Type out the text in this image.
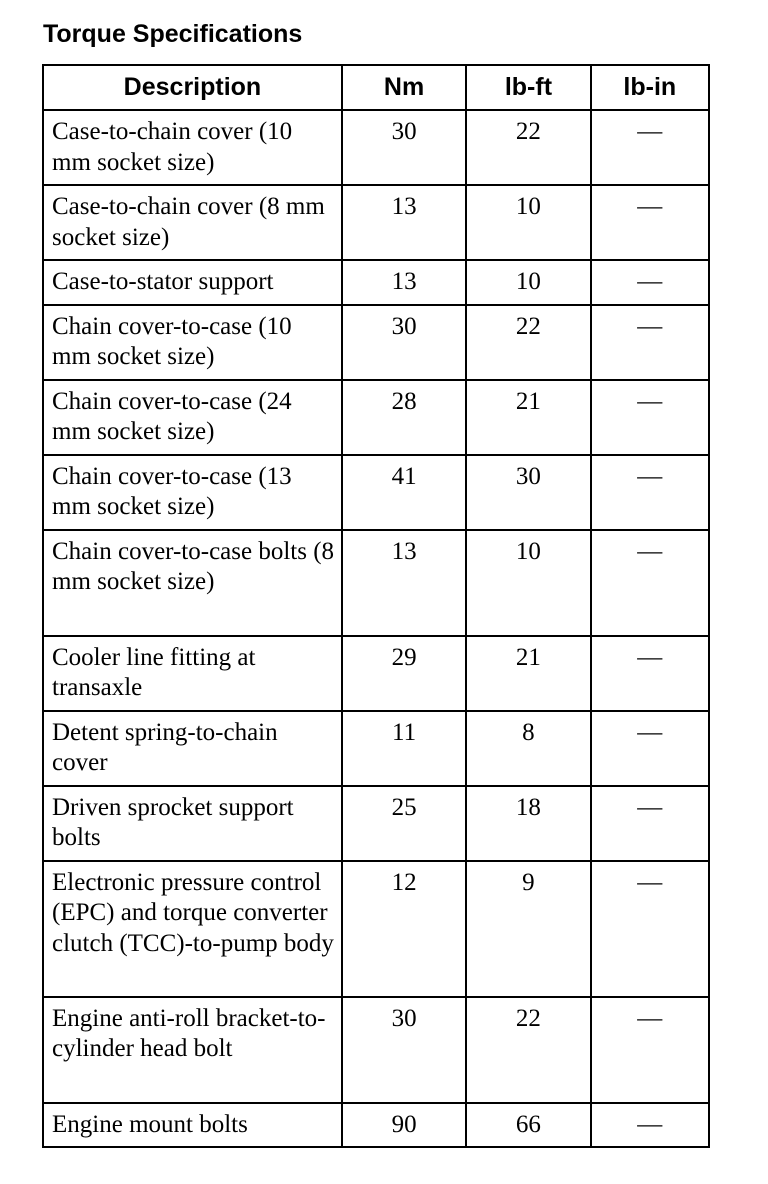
Torque Specifications
Description	Nm	lb-ft	lb-in
Case-to-chain cover (10 mm socket size)	30	22	—
Case-to-chain cover (8 mm socket size)	13	10	—
Case-to-stator support	13	10	—
Chain cover-to-case (10 mm socket size)	30	22	—
Chain cover-to-case (24 mm socket size)	28	21	—
Chain cover-to-case (13 mm socket size)	41	30	—
Chain cover-to-case bolts (8 mm socket size)	13	10	—
Cooler line fitting at transaxle	29	21	—
Detent spring-to-chain cover	11	8	—
Driven sprocket support bolts	25	18	—
Electronic pressure control (EPC) and torque converter clutch (TCC)-to-pump body	12	9	—
Engine anti-roll bracket-to-cylinder head bolt	30	22	—
Engine mount bolts	90	66	—
